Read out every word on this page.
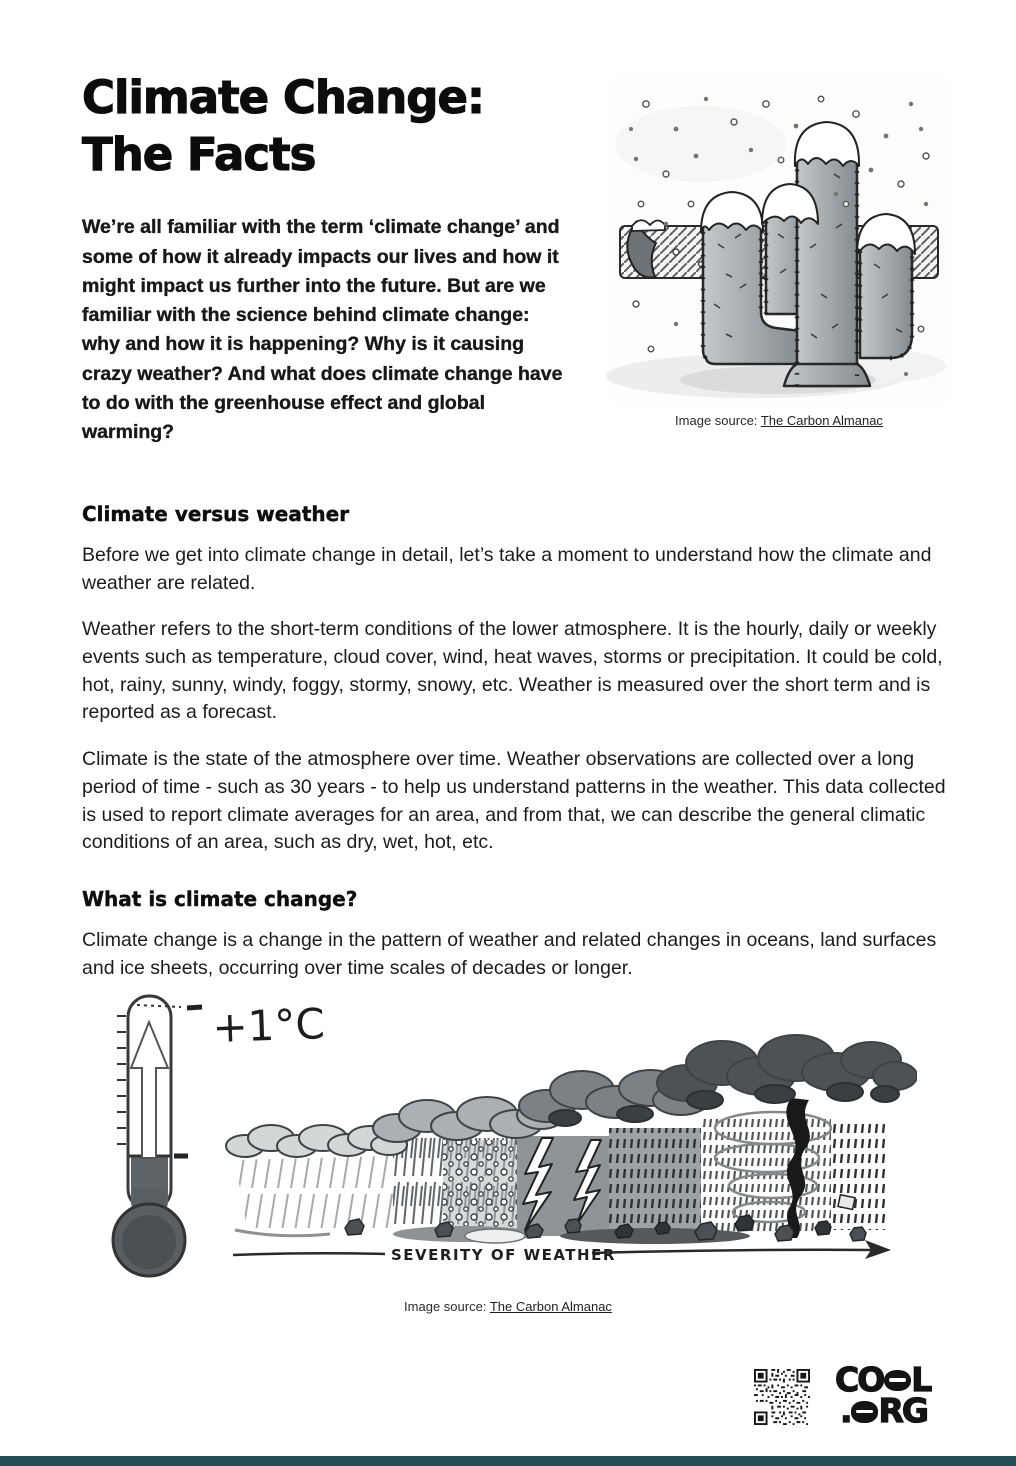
Climate Change:
The Facts

We’re all familiar with the term ‘climate change’ and some of how it already impacts our lives and how it might impact us further into the future. But are we familiar with the science behind climate change: why and how it is happening? Why is it causing crazy weather? And what does climate change have to do with the greenhouse effect and global warming?

Image source: The Carbon Almanac
Climate versus weather

Before we get into climate change in detail, let’s take a moment to understand how the climate and weather are related.

Weather refers to the short-term conditions of the lower atmosphere. It is the hourly, daily or weekly events such as temperature, cloud cover, wind, heat waves, storms or precipitation. It could be cold, hot, rainy, sunny, windy, foggy, stormy, snowy, etc. Weather is measured over the short term and is reported as a forecast.

Climate is the state of the atmosphere over time. Weather observations are collected over a long period of time - such as 30 years - to help us understand patterns in the weather. This data collected is used to report climate averages for an area, and from that, we can describe the general climatic conditions of an area, such as dry, wet, hot, etc.

What is climate change?

Climate change is a change in the pattern of weather and related changes in oceans, land surfaces and ice sheets, occurring over time scales of decades or longer.

+1°C
SEVERITY OF WEATHER

Image source: The Carbon Almanac

CO L
. RG
